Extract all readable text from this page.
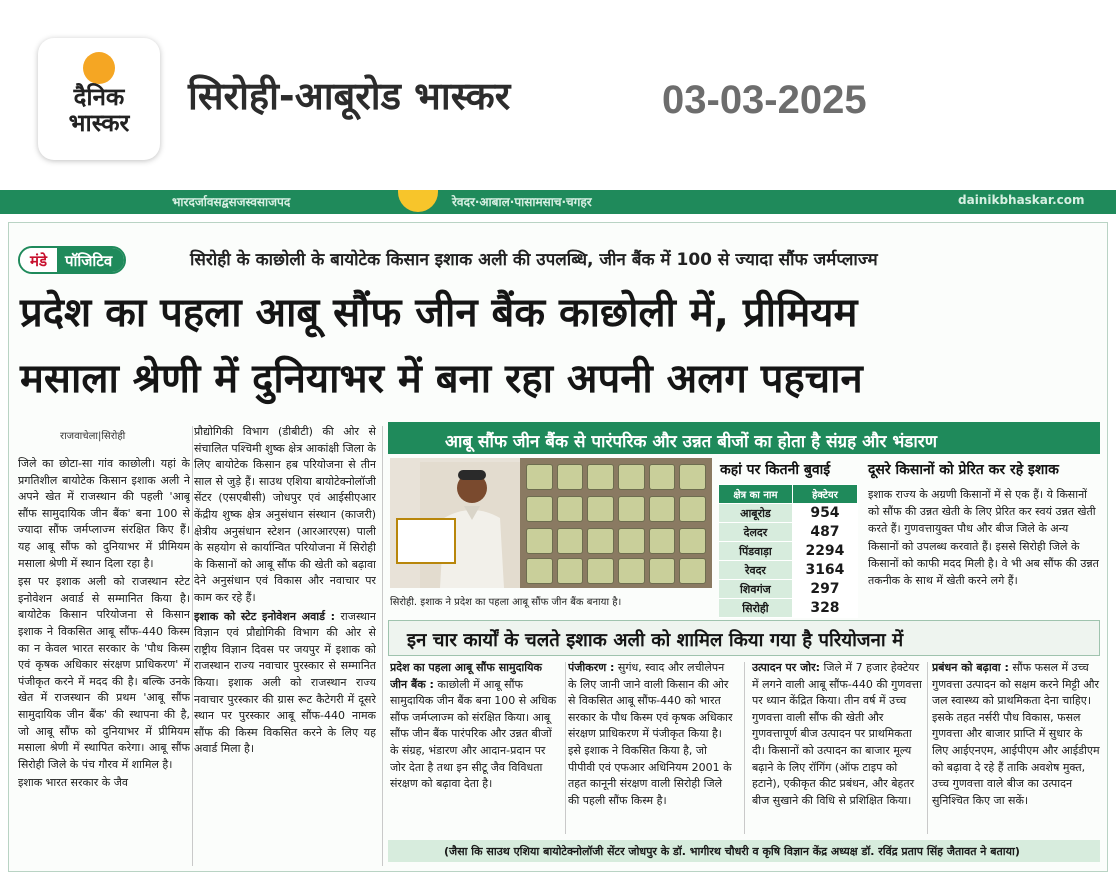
दैनिक
भास्कर
सिरोही-आबूरोड भास्कर	03-03-2025
भारदर्जावसद्वसजस्वसाजपद	रेवदर·आबाल·पासामसाच·चगहर	dainikbhaskar.com
मंडे	पॉजिटिव	सिरोही के काछोली के बायोटेक किसान इशाक अली की उपलब्धि, जीन बैंक में 100 से ज्यादा सौंफ जर्मप्लाज्म
प्रदेश का पहला आबू सौंफ जीन बैंक काछोली में, प्रीमियम
मसाला श्रेणी में दुनियाभर में बना रहा अपनी अलग पहचान
राजवाचेला|सिरोही

जिले का छोटा-सा गांव काछोली। यहां के प्रगतिशील बायोटेक किसान इशाक अली ने अपने खेत में राजस्थान की पहली 'आबू सौंफ सामुदायिक जीन बैंक' बना 100 से ज्यादा सौंफ जर्मप्लाज्म संरक्षित किए हैं। यह आबू सौंफ को दुनियाभर में प्रीमियम मसाला श्रेणी में स्थान दिला रहा है।

इस पर इशाक अली को राजस्थान स्टेट इनोवेशन अवार्ड से सम्मानित किया है। बायोटेक किसान परियोजना से किसान इशाक ने विकसित आबू सौंफ-440 किस्म का न केवल भारत सरकार के 'पौध किस्म एवं कृषक अधिकार संरक्षण प्राधिकरण' में पंजीकृत करने में मदद की है। बल्कि उनके खेत में राजस्थान की प्रथम 'आबू सौंफ सामुदायिक जीन बैंक' की स्थापना की है, जो आबू सौंफ को दुनियाभर में प्रीमियम मसाला श्रेणी में स्थापित करेगा। आबू सौंफ सिरोही जिले के पंच गौरव में शामिल है।

इशाक भारत सरकार के जैव

प्रौद्योगिकी विभाग (डीबीटी) की ओर से संचालित पश्चिमी शुष्क क्षेत्र आकांक्षी जिला के लिए बायोटेक किसान हब परियोजना से तीन साल से जुड़े हैं। साउथ एशिया बायोटेक्नोलॉजी सेंटर (एसएबीसी) जोधपुर एवं आईसीएआर केंद्रीय शुष्क क्षेत्र अनुसंधान संस्थान (काजरी) क्षेत्रीय अनुसंधान स्टेशन (आरआरएस) पाली के सहयोग से कार्यान्वित परियोजना में सिरोही के किसानों को आबू सौंफ की खेती को बढ़ावा देने अनुसंधान एवं विकास और नवाचार पर काम कर रहे हैं।

इशाक को स्टेट इनोवेशन अवार्ड : राजस्थान विज्ञान एवं प्रौद्योगिकी विभाग की ओर से राष्ट्रीय विज्ञान दिवस पर जयपुर में इशाक को राजस्थान राज्य नवाचार पुरस्कार से सम्मानित किया। इशाक अली को राजस्थान राज्य नवाचार पुरस्कार की ग्रास रूट कैटेगरी में दूसरे स्थान पर पुरस्कार आबू सौंफ-440 नामक सौंफ की किस्म विकसित करने के लिए यह अवार्ड मिला है।

आबू सौंफ जीन बैंक से पारंपरिक और उन्नत बीजों का होता है संग्रह और भंडारण
सिरोही. इशाक ने प्रदेश का पहला आबू सौंफ जीन बैंक बनाया है।
कहां पर कितनी बुवाई
क्षेत्र का नाम	हेक्टेयर
आबूरोड	954
देलदर	487
पिंडवाड़ा	2294
रेवदर	3164
शिवगंज	297
सिरोही	328
दूसरे किसानों को प्रेरित कर रहे इशाक
इशाक राज्य के अग्रणी किसानों में से एक हैं। ये किसानों को सौंफ की उन्नत खेती के लिए प्रेरित कर स्वयं उन्नत खेती करते हैं। गुणवत्तायुक्त पौध और बीज जिले के अन्य किसानों को उपलब्ध करवाते हैं। इससे सिरोही जिले के किसानों को काफी मदद मिली है। वे भी अब सौंफ की उन्नत तकनीक के साथ में खेती करने लगे हैं।
इन चार कार्यों के चलते इशाक अली को शामिल किया गया है परियोजना में
प्रदेश का पहला आबू सौंफ सामुदायिक जीन बैंक : काछोली में आबू सौंफ सामुदायिक जीन बैंक बना 100 से अधिक सौंफ जर्मप्लाज्म को संरक्षित किया। आबू सौंफ जीन बैंक पारंपरिक और उन्नत बीजों के संग्रह, भंडारण और आदान-प्रदान पर जोर देता है तथा इन सीटू जैव विविधता संरक्षण को बढ़ावा देता है।
पंजीकरण : सुगंध, स्वाद और लचीलेपन के लिए जानी जाने वाली किसान की ओर से विकसित आबू सौंफ-440 को भारत सरकार के पौध किस्म एवं कृषक अधिकार संरक्षण प्राधिकरण में पंजीकृत किया है। इसे इशाक ने विकसित किया है, जो पीपीवी एवं एफआर अधिनियम 2001 के तहत कानूनी संरक्षण वाली सिरोही जिले की पहली सौंफ किस्म है।
उत्पादन पर जोर: जिले में 7 हजार हेक्टेयर में लगने वाली आबू सौंफ-440 की गुणवत्ता पर ध्यान केंद्रित किया। तीन वर्ष में उच्च गुणवत्ता वाली सौंफ की खेती और गुणवत्तापूर्ण बीज उत्पादन पर प्राथमिकता दी। किसानों को उत्पादन का बाजार मूल्य बढ़ाने के लिए रॉगिंग (ऑफ टाइप को हटाने), एकीकृत कीट प्रबंधन, और बेहतर बीज सुखाने की विधि से प्रशिक्षित किया।
प्रबंधन को बढ़ावा : सौंफ फसल में उच्च गुणवत्ता उत्पादन को सक्षम करने मिट्टी और जल स्वास्थ्य को प्राथमिकता देना चाहिए। इसके तहत नर्सरी पौध विकास, फसल गुणवत्ता और बाजार प्राप्ति में सुधार के लिए आईएनएम, आईपीएम और आईडीएम को बढ़ावा दे रहे हैं ताकि अवशेष मुक्त, उच्च गुणवत्ता वाले बीज का उत्पादन सुनिश्चित किए जा सकें।
(जैसा कि साउथ एशिया बायोटेक्नोलॉजी सेंटर जोधपुर के डॉ. भागीरथ चौधरी व कृषि विज्ञान केंद्र अध्यक्ष डॉ. रविंद्र प्रताप सिंह जैतावत ने बताया)
